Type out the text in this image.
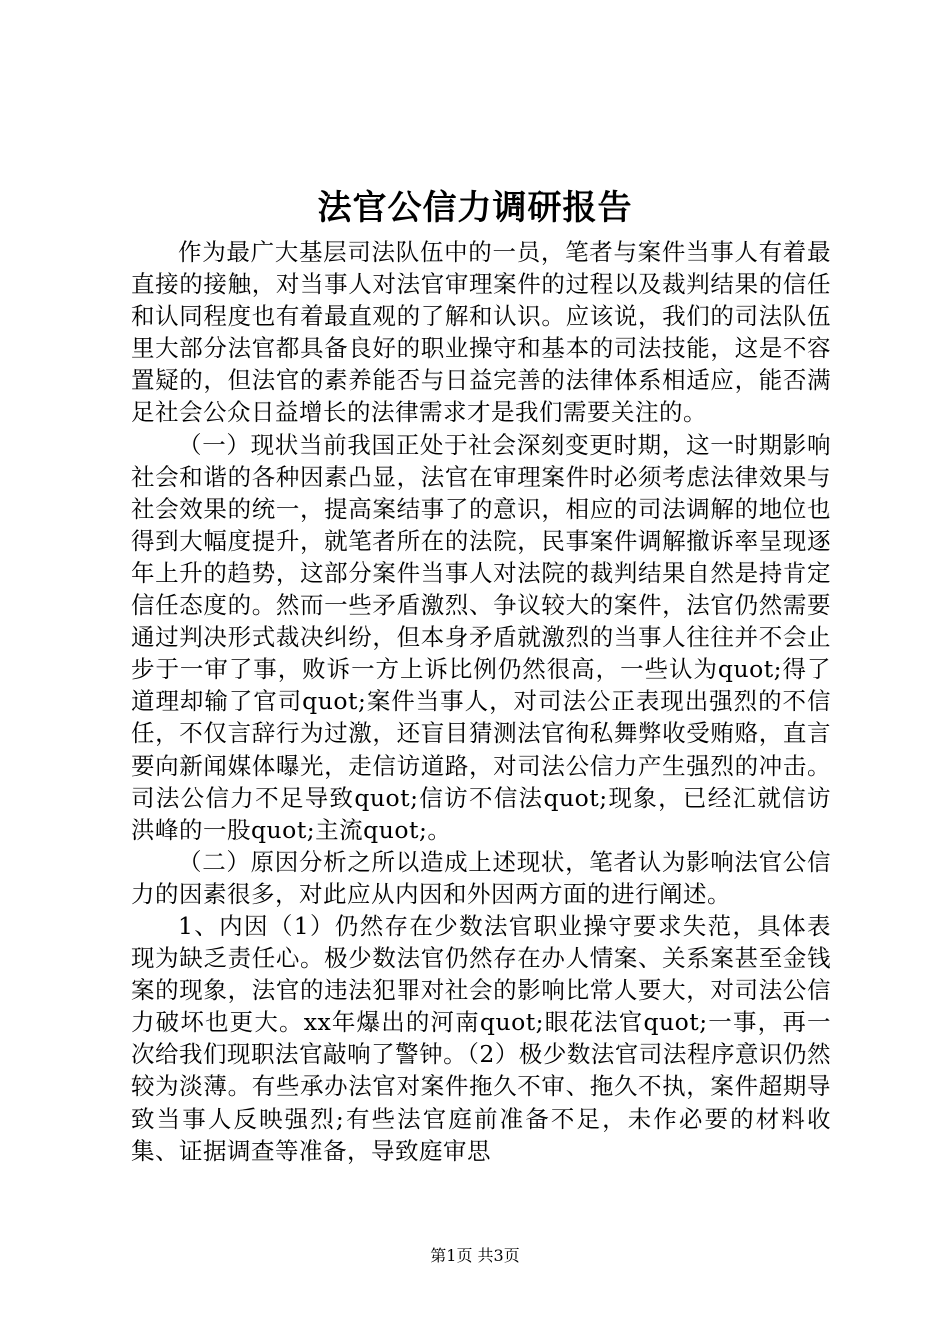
法官公信力调研报告

作为最广大基层司法队伍中的一员，笔者与案件当事人有着最直接的接触，对当事人对法官审理案件的过程以及裁判结果的信任和认同程度也有着最直观的了解和认识。应该说，我们的司法队伍里大部分法官都具备良好的职业操守和基本的司法技能，这是不容置疑的，但法官的素养能否与日益完善的法律体系相适应，能否满足社会公众日益增长的法律需求才是我们需要关注的。

（一）现状当前我国正处于社会深刻变更时期，这一时期影响社会和谐的各种因素凸显，法官在审理案件时必须考虑法律效果与社会效果的统一，提高案结事了的意识，相应的司法调解的地位也得到大幅度提升，就笔者所在的法院，民事案件调解撤诉率呈现逐年上升的趋势，这部分案件当事人对法院的裁判结果自然是持肯定信任态度的。然而一些矛盾激烈、争议较大的案件，法官仍然需要通过判决形式裁决纠纷，但本身矛盾就激烈的当事人往往并不会止步于一审了事，败诉一方上诉比例仍然很高，一些认为quot;得了道理却输了官司quot;案件当事人，对司法公正表现出强烈的不信任，不仅言辞行为过激，还盲目猜测法官徇私舞弊收受贿赂，直言要向新闻媒体曝光，走信访道路，对司法公信力产生强烈的冲击。司法公信力不足导致quot;信访不信法quot;现象，已经汇就信访洪峰的一股quot;主流quot;。

（二）原因分析之所以造成上述现状，笔者认为影响法官公信力的因素很多，对此应从内因和外因两方面的进行阐述。

1、内因（1）仍然存在少数法官职业操守要求失范，具体表现为缺乏责任心。极少数法官仍然存在办人情案、关系案甚至金钱案的现象，法官的违法犯罪对社会的影响比常人要大，对司法公信力破坏也更大。xx年爆出的河南quot;眼花法官quot;一事，再一次给我们现职法官敲响了警钟。（2）极少数法官司法程序意识仍然较为淡薄。有些承办法官对案件拖久不审、拖久不执，案件超期导致当事人反映强烈;有些法官庭前准备不足，未作必要的材料收集、证据调查等准备，导致庭审思

第1页 共3页
